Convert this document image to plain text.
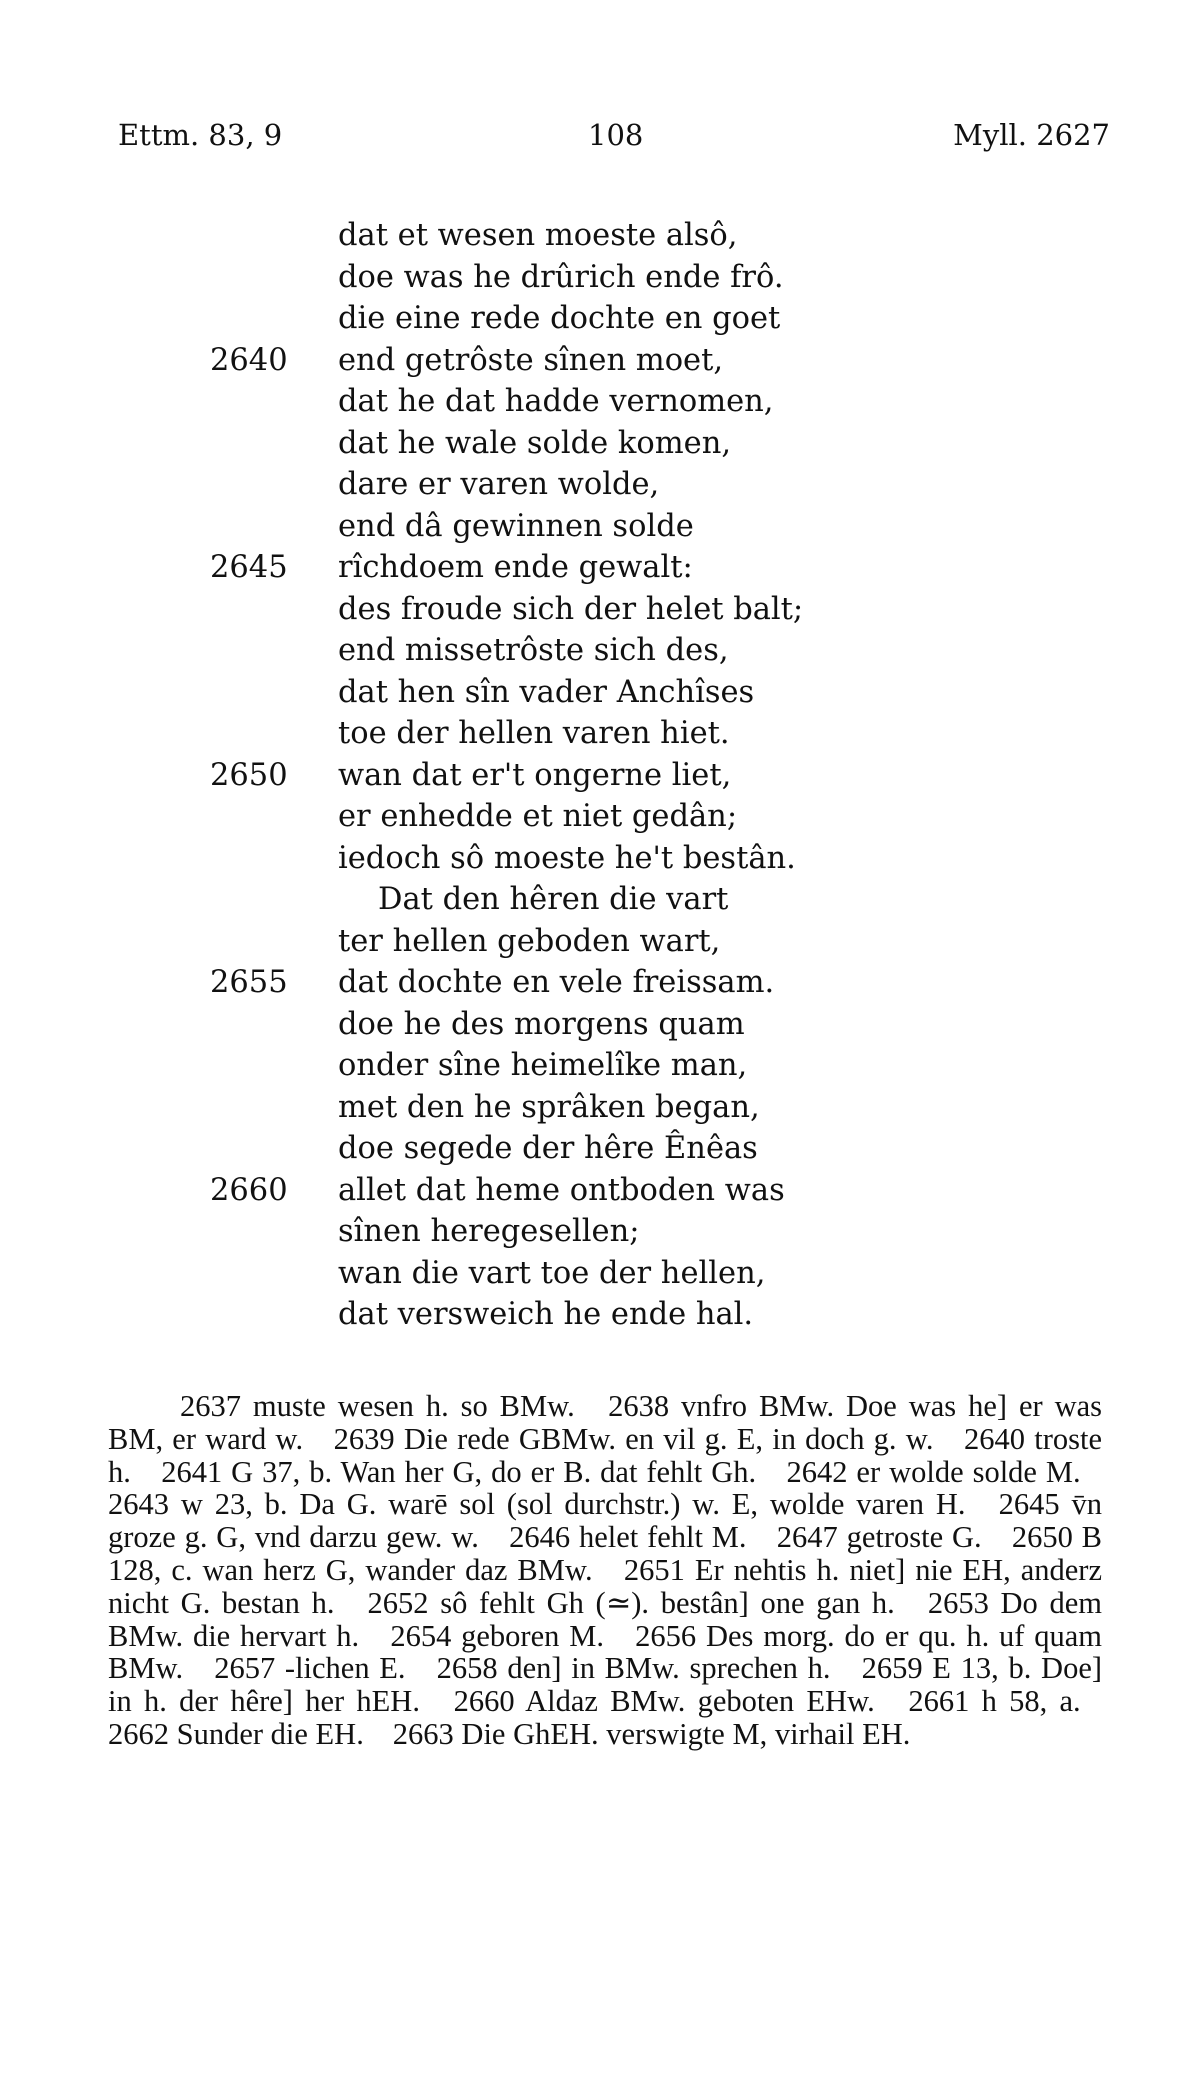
Ettm. 83, 9	108	Myll. 2627
dat et wesen moeste alsô,
doe was he drûrich ende frô.
die eine rede dochte en goet
2640	end getrôste sînen moet,
dat he dat hadde vernomen,
dat he wale solde komen,
dare er varen wolde,
end dâ gewinnen solde
2645	rîchdoem ende gewalt:
des froude sich der helet balt;
end missetrôste sich des,
dat hen sîn vader Anchîses
toe der hellen varen hiet.
2650	wan dat er't ongerne liet,
er enhedde et niet gedân;
iedoch sô moeste he't bestân.
Dat den hêren die vart
ter hellen geboden wart,
2655	dat dochte en vele freissam.
doe he des morgens quam
onder sîne heimelîke man,
met den he sprâken began,
doe segede der hêre Ênêas
2660	allet dat heme ontboden was
sînen heregesellen;
wan die vart toe der hellen,
dat versweich he ende hal.
2637 muste wesen h. so BMw. 2638 vnfro BMw. Doe was he] er was BM, er ward w. 2639 Die rede GBMw. en vil g. E, in doch g. w. 2640 troste h. 2641 G 37, b. Wan her G, do er B. dat fehlt Gh. 2642 er wolde solde M. 2643 w 23, b. Da G. warē sol (sol durchstr.) w. E, wolde varen H. 2645 v̄n groze g. G, vnd darzu gew. w. 2646 helet fehlt M. 2647 getroste G. 2650 B 128, c. wan herz G, wander daz BMw. 2651 Er nehtis h. niet] nie EH, anderz nicht G. bestan h. 2652 sô fehlt Gh (≃). bestân] one gan h. 2653 Do dem BMw. die hervart h. 2654 geboren M. 2656 Des morg. do er qu. h. uf quam BMw. 2657 -lichen E. 2658 den] in BMw. sprechen h. 2659 E 13, b. Doe] in h. der hêre] her hEH. 2660 Aldaz BMw. geboten EHw. 2661 h 58, a. 2662 Sunder die EH. 2663 Die GhEH. verswigte M, virhail EH.
